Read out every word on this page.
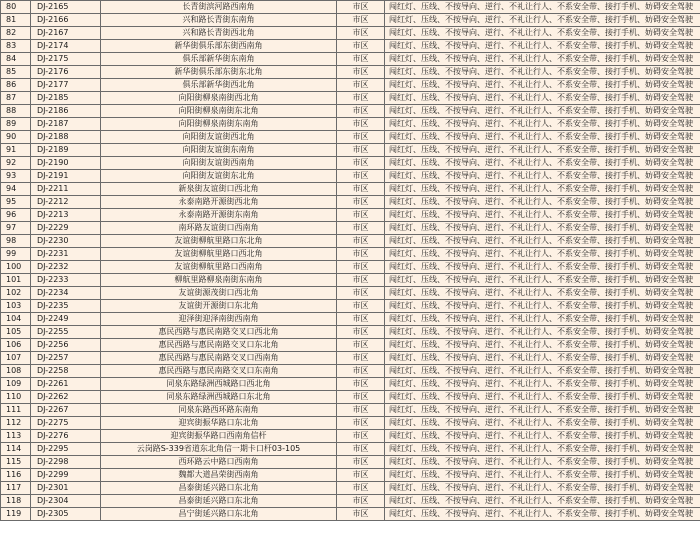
80	DJ-2165	长青街滨河路西南角	市区	闯红灯、压线、不按导向、逆行、不礼让行人、不系安全带、接打手机、妨碍安全驾驶
81	DJ-2166	兴和路长青街东南角	市区	闯红灯、压线、不按导向、逆行、不礼让行人、不系安全带、接打手机、妨碍安全驾驶
82	DJ-2167	兴和路长青街西北角	市区	闯红灯、压线、不按导向、逆行、不礼让行人、不系安全带、接打手机、妨碍安全驾驶
83	DJ-2174	新华街俱乐部东街西南角	市区	闯红灯、压线、不按导向、逆行、不礼让行人、不系安全带、接打手机、妨碍安全驾驶
84	DJ-2175	俱乐部新华街东南角	市区	闯红灯、压线、不按导向、逆行、不礼让行人、不系安全带、接打手机、妨碍安全驾驶
85	DJ-2176	新华街俱乐部东街东北角	市区	闯红灯、压线、不按导向、逆行、不礼让行人、不系安全带、接打手机、妨碍安全驾驶
86	DJ-2177	俱乐部新华街西北角	市区	闯红灯、压线、不按导向、逆行、不礼让行人、不系安全带、接打手机、妨碍安全驾驶
87	DJ-2185	向阳街柳泉南街西北角	市区	闯红灯、压线、不按导向、逆行、不礼让行人、不系安全带、接打手机、妨碍安全驾驶
88	DJ-2186	向阳街柳泉南街东北角	市区	闯红灯、压线、不按导向、逆行、不礼让行人、不系安全带、接打手机、妨碍安全驾驶
89	DJ-2187	向阳街柳泉南街东南角	市区	闯红灯、压线、不按导向、逆行、不礼让行人、不系安全带、接打手机、妨碍安全驾驶
90	DJ-2188	向阳街友谊街西北角	市区	闯红灯、压线、不按导向、逆行、不礼让行人、不系安全带、接打手机、妨碍安全驾驶
91	DJ-2189	向阳街友谊街东南角	市区	闯红灯、压线、不按导向、逆行、不礼让行人、不系安全带、接打手机、妨碍安全驾驶
92	DJ-2190	向阳街友谊街西南角	市区	闯红灯、压线、不按导向、逆行、不礼让行人、不系安全带、接打手机、妨碍安全驾驶
93	DJ-2191	向阳街友谊街东北角	市区	闯红灯、压线、不按导向、逆行、不礼让行人、不系安全带、接打手机、妨碍安全驾驶
94	DJ-2211	新泉街友谊街口西北角	市区	闯红灯、压线、不按导向、逆行、不礼让行人、不系安全带、接打手机、妨碍安全驾驶
95	DJ-2212	永泰南路开源街西北角	市区	闯红灯、压线、不按导向、逆行、不礼让行人、不系安全带、接打手机、妨碍安全驾驶
96	DJ-2213	永泰南路开源街东南角	市区	闯红灯、压线、不按导向、逆行、不礼让行人、不系安全带、接打手机、妨碍安全驾驶
97	DJ-2229	南环路友谊街口西南角	市区	闯红灯、压线、不按导向、逆行、不礼让行人、不系安全带、接打手机、妨碍安全驾驶
98	DJ-2230	友谊街柳航里路口东北角	市区	闯红灯、压线、不按导向、逆行、不礼让行人、不系安全带、接打手机、妨碍安全驾驶
99	DJ-2231	友谊街柳航里路口西北角	市区	闯红灯、压线、不按导向、逆行、不礼让行人、不系安全带、接打手机、妨碍安全驾驶
100	DJ-2232	友谊街柳航里路口西南角	市区	闯红灯、压线、不按导向、逆行、不礼让行人、不系安全带、接打手机、妨碍安全驾驶
101	DJ-2233	柳航里路柳泉南街东南角	市区	闯红灯、压线、不按导向、逆行、不礼让行人、不系安全带、接打手机、妨碍安全驾驶
102	DJ-2234	友谊街源茂街口西北角	市区	闯红灯、压线、不按导向、逆行、不礼让行人、不系安全带、接打手机、妨碍安全驾驶
103	DJ-2235	友谊街开源街口东北角	市区	闯红灯、压线、不按导向、逆行、不礼让行人、不系安全带、接打手机、妨碍安全驾驶
104	DJ-2249	迎泽街迎泽南街西南角	市区	闯红灯、压线、不按导向、逆行、不礼让行人、不系安全带、接打手机、妨碍安全驾驶
105	DJ-2255	惠民西路与惠民南路交叉口西北角	市区	闯红灯、压线、不按导向、逆行、不礼让行人、不系安全带、接打手机、妨碍安全驾驶
106	DJ-2256	惠民西路与惠民南路交叉口东北角	市区	闯红灯、压线、不按导向、逆行、不礼让行人、不系安全带、接打手机、妨碍安全驾驶
107	DJ-2257	惠民西路与惠民南路交叉口西南角	市区	闯红灯、压线、不按导向、逆行、不礼让行人、不系安全带、接打手机、妨碍安全驾驶
108	DJ-2258	惠民西路与惠民南路交叉口东南角	市区	闯红灯、压线、不按导向、逆行、不礼让行人、不系安全带、接打手机、妨碍安全驾驶
109	DJ-2261	同泉东路绿洲西城路口西北角	市区	闯红灯、压线、不按导向、逆行、不礼让行人、不系安全带、接打手机、妨碍安全驾驶
110	DJ-2262	同泉东路绿洲西城路口东北角	市区	闯红灯、压线、不按导向、逆行、不礼让行人、不系安全带、接打手机、妨碍安全驾驶
111	DJ-2267	同泉东路西环路东南角	市区	闯红灯、压线、不按导向、逆行、不礼让行人、不系安全带、接打手机、妨碍安全驾驶
112	DJ-2275	迎宾街振华路口东北角	市区	闯红灯、压线、不按导向、逆行、不礼让行人、不系安全带、接打手机、妨碍安全驾驶
113	DJ-2276	迎宾街振华路口西南角信杆	市区	闯红灯、压线、不按导向、逆行、不礼让行人、不系安全带、接打手机、妨碍安全驾驶
114	DJ-2295	云岗路S-339省道东北角信一期卡口杆03-105	市区	闯红灯、压线、不按导向、逆行、不礼让行人、不系安全带、接打手机、妨碍安全驾驶
115	DJ-2298	西环路云中路口西南角	市区	闯红灯、压线、不按导向、逆行、不礼让行人、不系安全带、接打手机、妨碍安全驾驶
116	DJ-2299	魏都大道昌荣街西南角	市区	闯红灯、压线、不按导向、逆行、不礼让行人、不系安全带、接打手机、妨碍安全驾驶
117	DJ-2301	昌泰街延兴路口东北角	市区	闯红灯、压线、不按导向、逆行、不礼让行人、不系安全带、接打手机、妨碍安全驾驶
118	DJ-2304	昌泰街延兴路口东北角	市区	闯红灯、压线、不按导向、逆行、不礼让行人、不系安全带、接打手机、妨碍安全驾驶
119	DJ-2305	昌宁街延兴路口东北角	市区	闯红灯、压线、不按导向、逆行、不礼让行人、不系安全带、接打手机、妨碍安全驾驶
